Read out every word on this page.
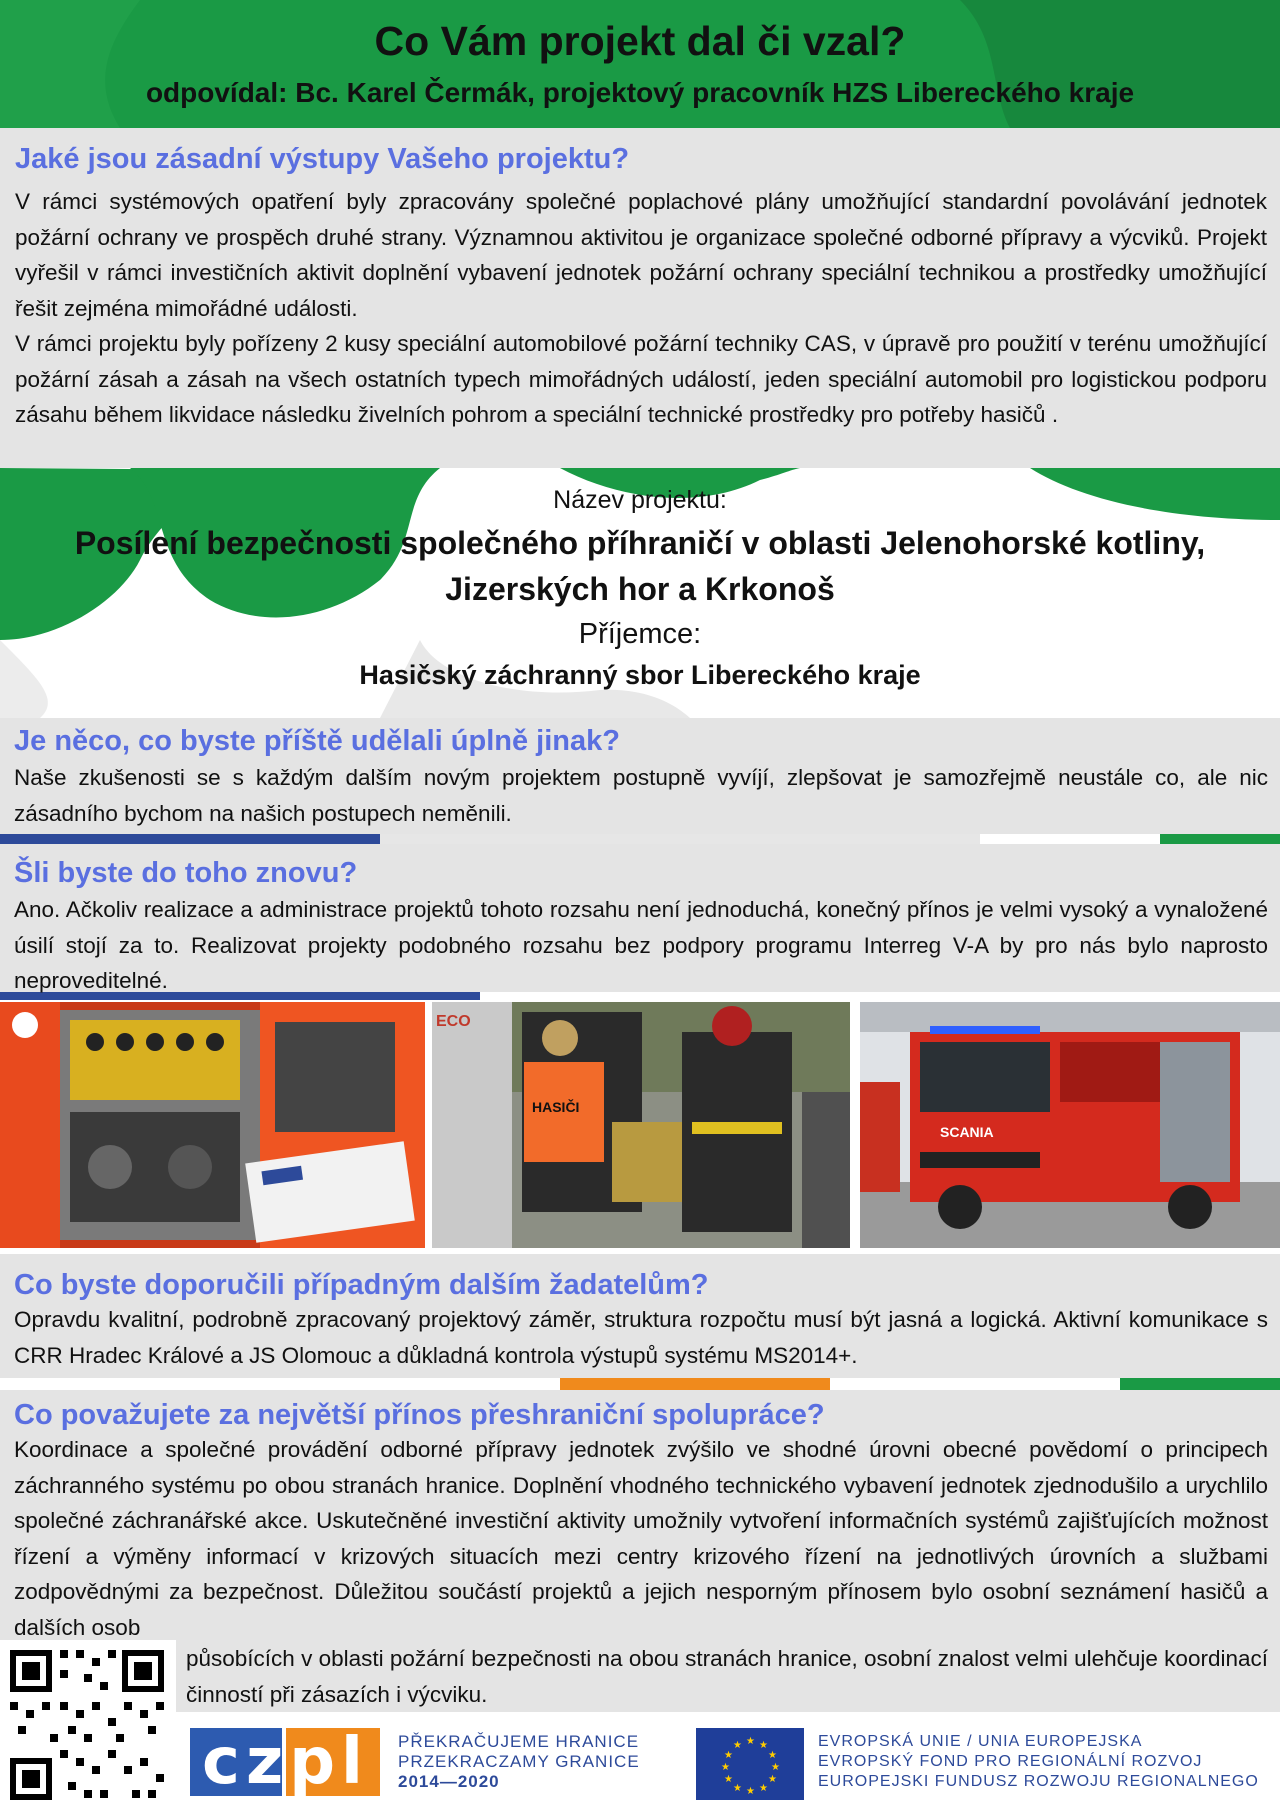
Co Vám projekt dal či vzal?
odpovídal: Bc. Karel Čermák, projektový pracovník HZS Libereckého kraje
Jaké jsou zásadní výstupy Vašeho projektu?
V rámci systémových opatření byly zpracovány společné poplachové plány umožňující standardní povolávání jednotek požární ochrany ve prospěch druhé strany. Významnou aktivitou je organizace společné odborné přípravy a výcviků. Projekt vyřešil v rámci investičních aktivit doplnění vybavení jednotek požární ochrany speciální technikou a prostředky umožňující řešit zejména mimořádné události.
V rámci projektu byly pořízeny 2 kusy speciální automobilové požární techniky CAS, v úpravě pro použití v terénu umožňující požární zásah a zásah na všech ostatních typech mimořádných událostí, jeden speciální automobil pro logistickou podporu zásahu během likvidace následku živelních pohrom a speciální technické prostředky pro potřeby hasičů .
Název projektu:
Posílení bezpečnosti společného příhraničí v oblasti Jelenohorské kotliny,
Jizerských hor a Krkonoš
Příjemce:
Hasičský záchranný sbor Libereckého kraje
Je něco, co byste příště udělali úplně jinak?
Naše zkušenosti se s každým dalším novým projektem postupně vyvíjí, zlepšovat je samozřejmě neustále co, ale nic zásadního bychom na našich postupech neměnili.
Šli byste do toho znovu?
Ano. Ačkoliv realizace a administrace projektů tohoto rozsahu není jednoduchá, konečný přínos je velmi vysoký a vynaložené úsilí stojí za to. Realizovat projekty podobného rozsahu bez podpory programu Interreg V-A by pro nás bylo naprosto neproveditelné.
ECO
HASIČI
SCANIA
Co byste doporučili případným dalším žadatelům?
Opravdu kvalitní, podrobně zpracovaný projektový záměr, struktura rozpočtu musí být jasná a logická. Aktivní komunikace s CRR Hradec Králové a JS Olomouc a důkladná kontrola výstupů systému MS2014+.
Co považujete za největší přínos přeshraniční spolupráce?
Koordinace a společné provádění odborné přípravy jednotek zvýšilo ve shodné úrovni obecné povědomí o principech záchranného systému po obou stranách hranice. Doplnění vhodného technického vybavení jednotek zjednodušilo a urychlilo společné záchranářské akce. Uskutečněné investiční aktivity umožnily vytvoření informačních systémů zajišťujících možnost řízení a výměny informací v krizových situacích mezi centry krizového řízení na jednotlivých úrovních a službami zodpovědnými za bezpečnost. Důležitou součástí projektů a jejich nesporným přínosem bylo osobní seznámení hasičů a dalších osob
působících v oblasti požární bezpečnosti na obou stranách hranice, osobní znalost velmi ulehčuje koordinací činností při zásazích i výcviku.
czpl	PŘEKRAČUJEME HRANICE
PRZEKRACZAMY GRANICE
2014—2020
★ ★
★
★
★
★
★
★
★
★
★
★	EVROPSKÁ UNIE / UNIA EUROPEJSKA
EVROPSKÝ FOND PRO REGIONÁLNÍ ROZVOJ
EUROPEJSKI FUNDUSZ ROZWOJU REGIONALNEGO
